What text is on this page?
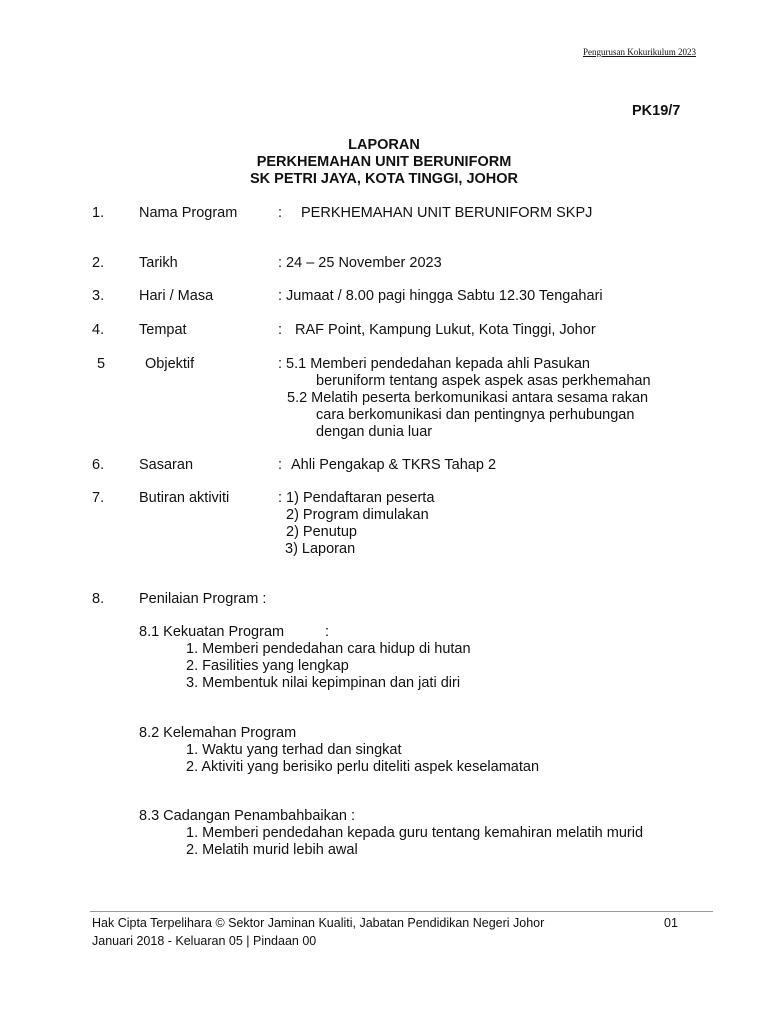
Pengurusan Kokurikulum 2023
PK19/7
LAPORAN
PERKHEMAHAN UNIT BERUNIFORM
SK PETRI JAYA, KOTA TINGGI, JOHOR
1. Nama Program	: PERKHEMAHAN UNIT BERUNIFORM SKPJ
2. Tarikh	: 24 – 25 November 2023
3. Hari / Masa	: Jumaat / 8.00 pagi hingga Sabtu 12.30 Tengahari
4. Tempat	: RAF Point, Kampung Lukut, Kota Tinggi, Johor
5	Objektif	: 5.1 Memberi pendedahan kepada ahli Pasukan
beruniform tentang aspek aspek asas perkhemahan
5.2 Melatih peserta berkomunikasi antara sesama rakan
cara berkomunikasi dan pentingnya perhubungan
dengan dunia luar
6. Sasaran	: Ahli Pengakap & TKRS Tahap 2
7. Butiran aktiviti	: 1) Pendaftaran peserta
2) Program dimulakan
2) Penutup
3) Laporan
8. Penilaian Program :
8.1 Kekuatan Program	:
1. Memberi pendedahan cara hidup di hutan
2. Fasilities yang lengkap
3. Membentuk nilai kepimpinan dan jati diri
8.2 Kelemahan Program
1. Waktu yang terhad dan singkat
2. Aktiviti yang berisiko perlu diteliti aspek keselamatan
8.3 Cadangan Penambahbaikan :
1. Memberi pendedahan kepada guru tentang kemahiran melatih murid
2. Melatih murid lebih awal
Hak Cipta Terpelihara © Sektor Jaminan Kualiti, Jabatan Pendidikan Negeri Johor	01
Januari 2018 - Keluaran 05 | Pindaan 00
